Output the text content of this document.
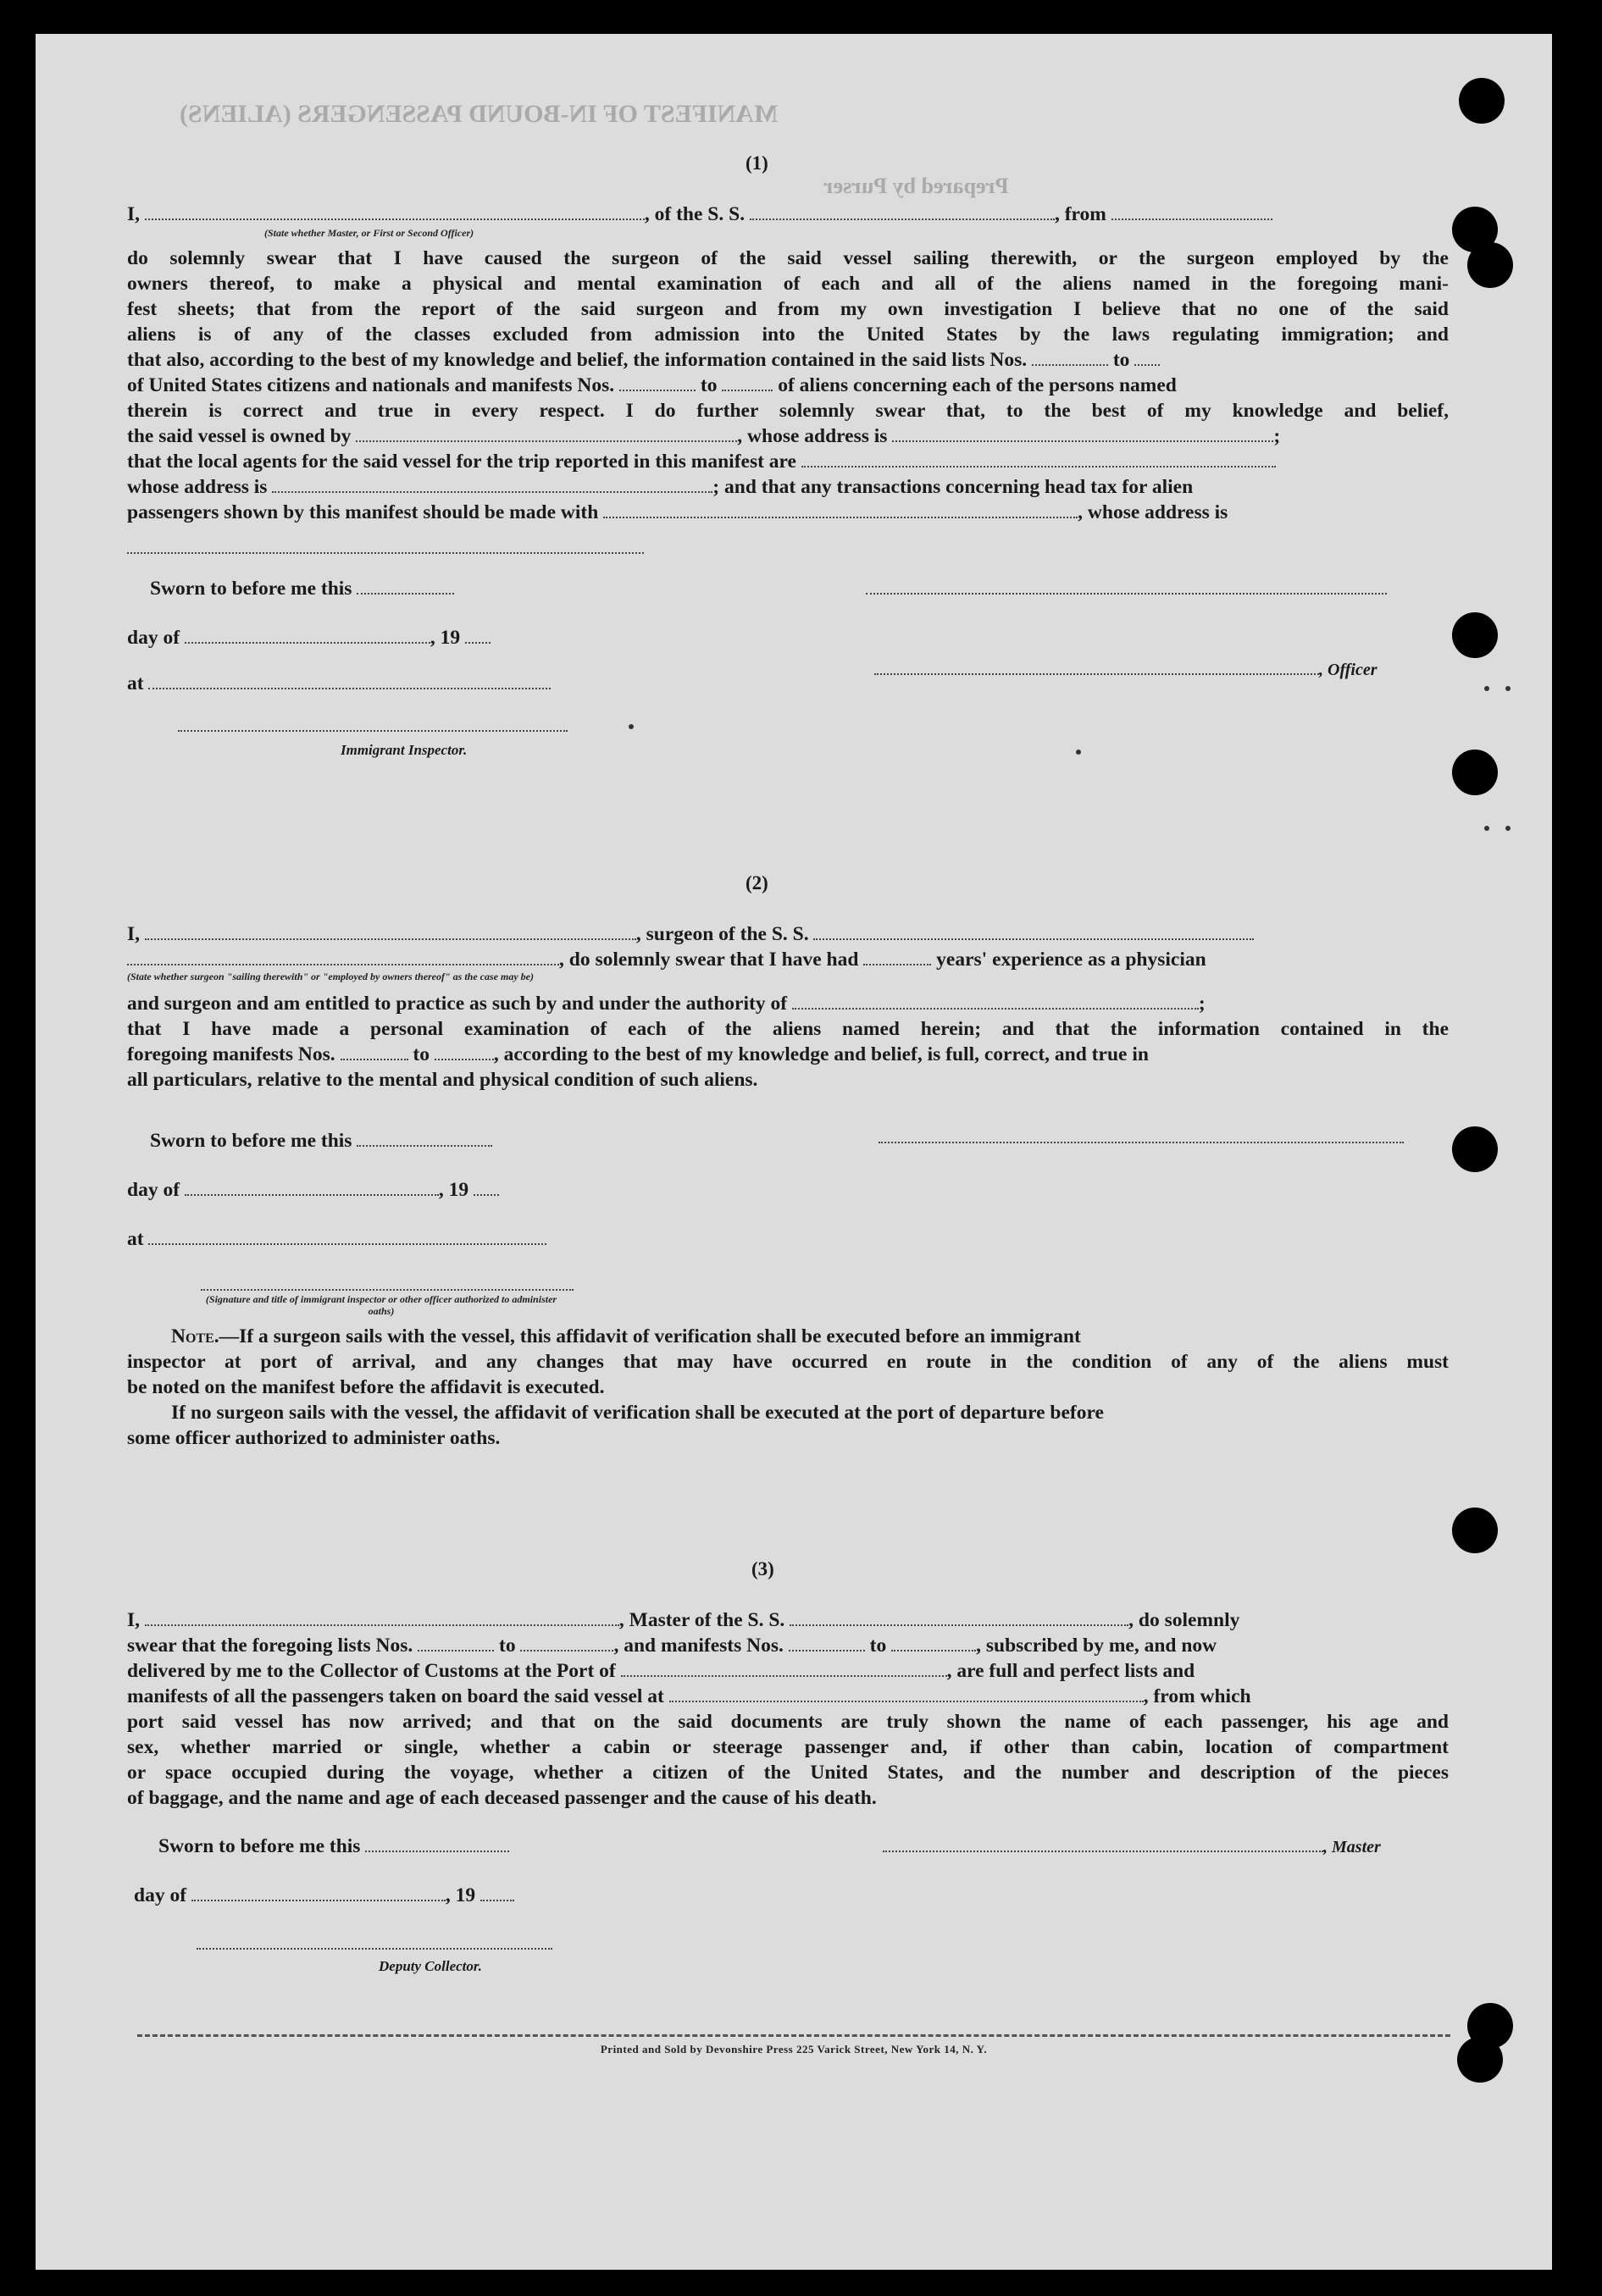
MANIFEST OF IN-BOUND PASSENGERS (ALIENS)
Prepared by Purser
(1)
I,	, of the S. S.	, from
(State whether Master, or First or Second Officer)
do solemnly swear that I have caused the surgeon of the said vessel sailing therewith, or the surgeon employed by the
owners thereof, to make a physical and mental examination of each and all of the aliens named in the foregoing mani-
fest sheets; that from the report of the said surgeon and from my own investigation I believe that no one of the said
aliens is of any of the classes excluded from admission into the United States by the laws regulating immigration; and
that also, according to the best of my knowledge and belief, the information contained in the said lists Nos.	to
of United States citizens and nationals and manifests Nos.	to	of aliens concerning each of the persons named
therein is correct and true in every respect. I do further solemnly swear that, to the best of my knowledge and belief,
the said vessel is owned by	, whose address is	;
that the local agents for the said vessel for the trip reported in this manifest are
whose address is	; and that any transactions concerning head tax for alien
passengers shown by this manifest should be made with	, whose address is
Sworn to before me this
day of	, 19
at
, Officer
Immigrant Inspector.
(2)
I,	, surgeon of the S. S.
, do solemnly swear that I have had	years' experience as a physician
(State whether surgeon "sailing therewith" or "employed by owners thereof" as the case may be)
and surgeon and am entitled to practice as such by and under the authority of	;
that I have made a personal examination of each of the aliens named herein; and that the information contained in the
foregoing manifests Nos.	to	, according to the best of my knowledge and belief, is full, correct, and true in
all particulars, relative to the mental and physical condition of such aliens.
Sworn to before me this
day of	, 19
at
(Signature and title of immigrant inspector or other officer authorized to administer oaths)
Note.—If a surgeon sails with the vessel, this affidavit of verification shall be executed before an immigrant
inspector at port of arrival, and any changes that may have occurred en route in the condition of any of the aliens must
be noted on the manifest before the affidavit is executed.
If no surgeon sails with the vessel, the affidavit of verification shall be executed at the port of departure before
some officer authorized to administer oaths.
(3)
I,	, Master of the S. S.	, do solemnly
swear that the foregoing lists Nos.	to	, and manifests Nos.	to	, subscribed by me, and now
delivered by me to the Collector of Customs at the Port of	, are full and perfect lists and
manifests of all the passengers taken on board the said vessel at	, from which
port said vessel has now arrived; and that on the said documents are truly shown the name of each passenger, his age and
sex, whether married or single, whether a cabin or steerage passenger and, if other than cabin, location of compartment
or space occupied during the voyage, whether a citizen of the United States, and the number and description of the pieces
of baggage, and the name and age of each deceased passenger and the cause of his death.
Sworn to before me this	, Master
day of	, 19
Deputy Collector.
Printed and Sold by Devonshire Press 225 Varick Street, New York 14, N. Y.
